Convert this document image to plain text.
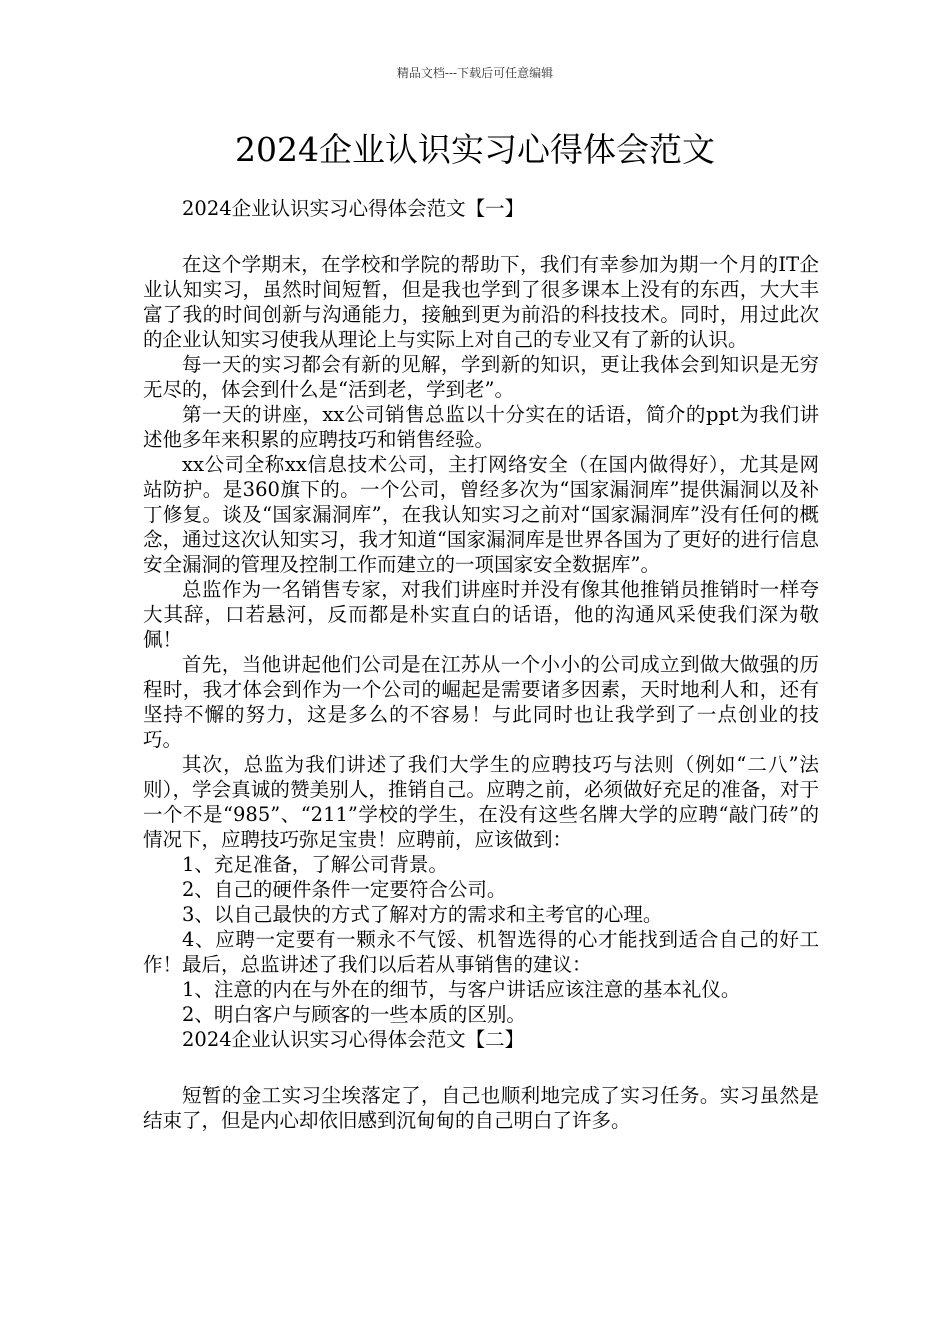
精品文档---下载后可任意编辑
2024企业认识实习心得体会范文

2024企业认识实习心得体会范文【一】

在这个学期末，在学校和学院的帮助下，我们有幸参加为期一个月的IT企业认知实习，虽然时间短暂，但是我也学到了很多课本上没有的东西，大大丰富了我的时间创新与沟通能力，接触到更为前沿的科技技术。同时，用过此次的企业认知实习使我从理论上与实际上对自己的专业又有了新的认识。

每一天的实习都会有新的见解，学到新的知识，更让我体会到知识是无穷无尽的，体会到什么是“活到老，学到老”。

第一天的讲座，xx公司销售总监以十分实在的话语，简介的ppt为我们讲述他多年来积累的应聘技巧和销售经验。

xx公司全称xx信息技术公司，主打网络安全（在国内做得好），尤其是网站防护。是360旗下的。一个公司，曾经多次为“国家漏洞库”提供漏洞以及补丁修复。谈及“国家漏洞库”，在我认知实习之前对“国家漏洞库”没有任何的概念，通过这次认知实习，我才知道“国家漏洞库是世界各国为了更好的进行信息安全漏洞的管理及控制工作而建立的一项国家安全数据库”。

总监作为一名销售专家，对我们讲座时并没有像其他推销员推销时一样夸大其辞，口若悬河，反而都是朴实直白的话语，他的沟通风采使我们深为敬佩！

首先，当他讲起他们公司是在江苏从一个小小的公司成立到做大做强的历程时，我才体会到作为一个公司的崛起是需要诸多因素，天时地利人和，还有坚持不懈的努力，这是多么的不容易！与此同时也让我学到了一点创业的技巧。

其次，总监为我们讲述了我们大学生的应聘技巧与法则（例如“二八”法则），学会真诚的赞美别人，推销自己。应聘之前，必须做好充足的准备，对于一个不是“985”、“211”学校的学生，在没有这些名牌大学的应聘“敲门砖”的情况下，应聘技巧弥足宝贵！应聘前，应该做到：

1、充足准备，了解公司背景。

2、自己的硬件条件一定要符合公司。

3、以自己最快的方式了解对方的需求和主考官的心理。

4、应聘一定要有一颗永不气馁、机智选得的心才能找到适合自己的好工作！最后，总监讲述了我们以后若从事销售的建议：

1、注意的内在与外在的细节，与客户讲话应该注意的基本礼仪。

2、明白客户与顾客的一些本质的区别。

2024企业认识实习心得体会范文【二】

短暂的金工实习尘埃落定了，自己也顺利地完成了实习任务。实习虽然是结束了，但是内心却依旧感到沉甸甸的自己明白了许多。
